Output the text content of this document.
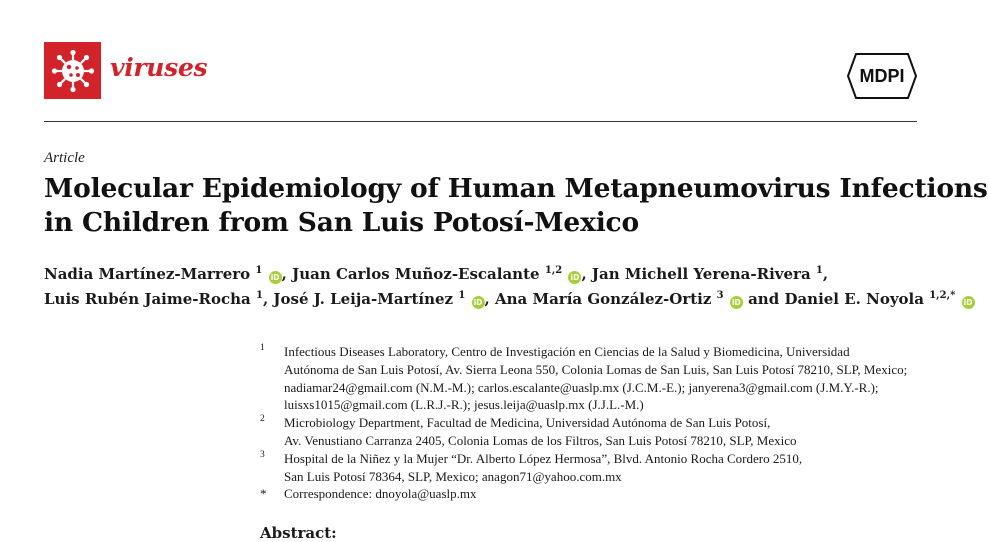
viruses	MDPI
Article
Molecular Epidemiology of Human Metapneumovirus Infections
in Children from San Luis Potosí-Mexico
Nadia Martínez-Marrero $^1$ iD , Juan Carlos Muñoz-Escalante $^{1,2}$ iD , Jan Michell Yerena-Rivera $^1$,
Luis Rubén Jaime-Rocha $^1$, José J. Leija-Martínez $^1$ iD , Ana María González-Ortiz $^3$ iD and Daniel E. Noyola $^{1,2,*}$ iD
1 Infectious Diseases Laboratory, Centro de Investigación en Ciencias de la Salud y Biomedicina, Universidad
Autónoma de San Luis Potosí, Av. Sierra Leona 550, Colonia Lomas de San Luis, San Luis Potosí 78210, SLP, Mexico;
nadiamar24@gmail.com (N.M.-M.); carlos.escalante@uaslp.mx (J.C.M.-E.); janyerena3@gmail.com (J.M.Y.-R.);
luisxs1015@gmail.com (L.R.J.-R.); jesus.leija@uaslp.mx (J.J.L.-M.)
2 Microbiology Department, Facultad de Medicina, Universidad Autónoma de San Luis Potosí,
Av. Venustiano Carranza 2405, Colonia Lomas de los Filtros, San Luis Potosí 78210, SLP, Mexico
3 Hospital de la Niñez y la Mujer “Dr. Alberto López Hermosa”, Blvd. Antonio Rocha Cordero 2510,
San Luis Potosí 78364, SLP, Mexico; anagon71@yahoo.com.mx
* Correspondence: dnoyola@uaslp.mx
Abstract:
